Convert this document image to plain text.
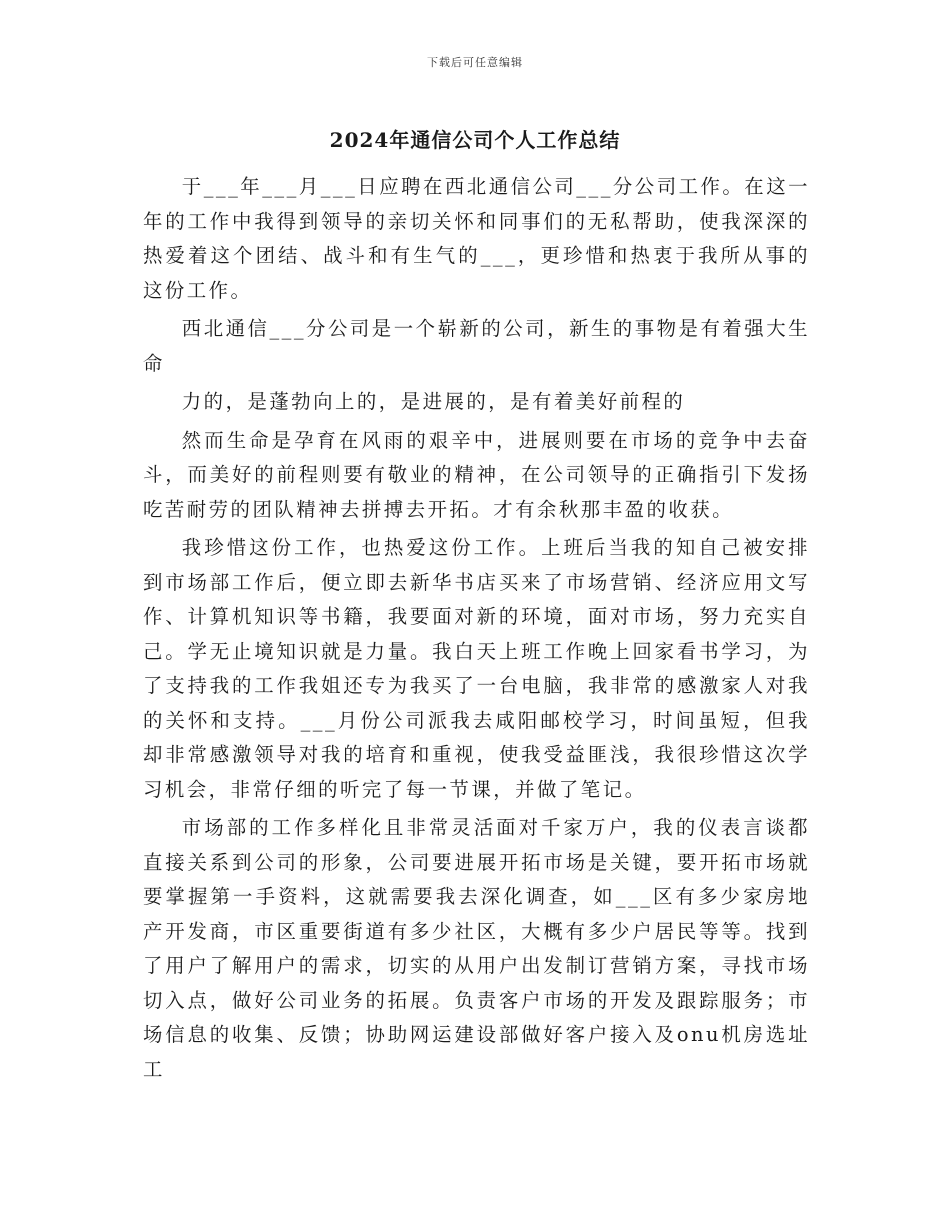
下载后可任意编辑
2024年通信公司个人工作总结

于___年___月___日应聘在西北通信公司___分公司工作。在这一年的工作中我得到领导的亲切关怀和同事们的无私帮助，使我深深的热爱着这个团结、战斗和有生气的___，更珍惜和热衷于我所从事的这份工作。

西北通信___分公司是一个崭新的公司，新生的事物是有着强大生命

力的，是蓬勃向上的，是进展的，是有着美好前程的

然而生命是孕育在风雨的艰辛中，进展则要在市场的竞争中去奋斗，而美好的前程则要有敬业的精神，在公司领导的正确指引下发扬吃苦耐劳的团队精神去拼搏去开拓。才有余秋那丰盈的收获。

我珍惜这份工作，也热爱这份工作。上班后当我的知自己被安排到市场部工作后，便立即去新华书店买来了市场营销、经济应用文写作、计算机知识等书籍，我要面对新的环境，面对市场，努力充实自己。学无止境知识就是力量。我白天上班工作晚上回家看书学习，为了支持我的工作我姐还专为我买了一台电脑，我非常的感激家人对我的关怀和支持。___月份公司派我去咸阳邮校学习，时间虽短，但我却非常感激领导对我的培育和重视，使我受益匪浅，我很珍惜这次学习机会，非常仔细的听完了每一节课，并做了笔记。

市场部的工作多样化且非常灵活面对千家万户，我的仪表言谈都直接关系到公司的形象，公司要进展开拓市场是关键，要开拓市场就要掌握第一手资料，这就需要我去深化调查，如___区有多少家房地产开发商，市区重要街道有多少社区，大概有多少户居民等等。找到了用户了解用户的需求，切实的从用户出发制订营销方案，寻找市场切入点，做好公司业务的拓展。负责客户市场的开发及跟踪服务；市场信息的收集、反馈；协助网运建设部做好客户接入及onu机房选址工
